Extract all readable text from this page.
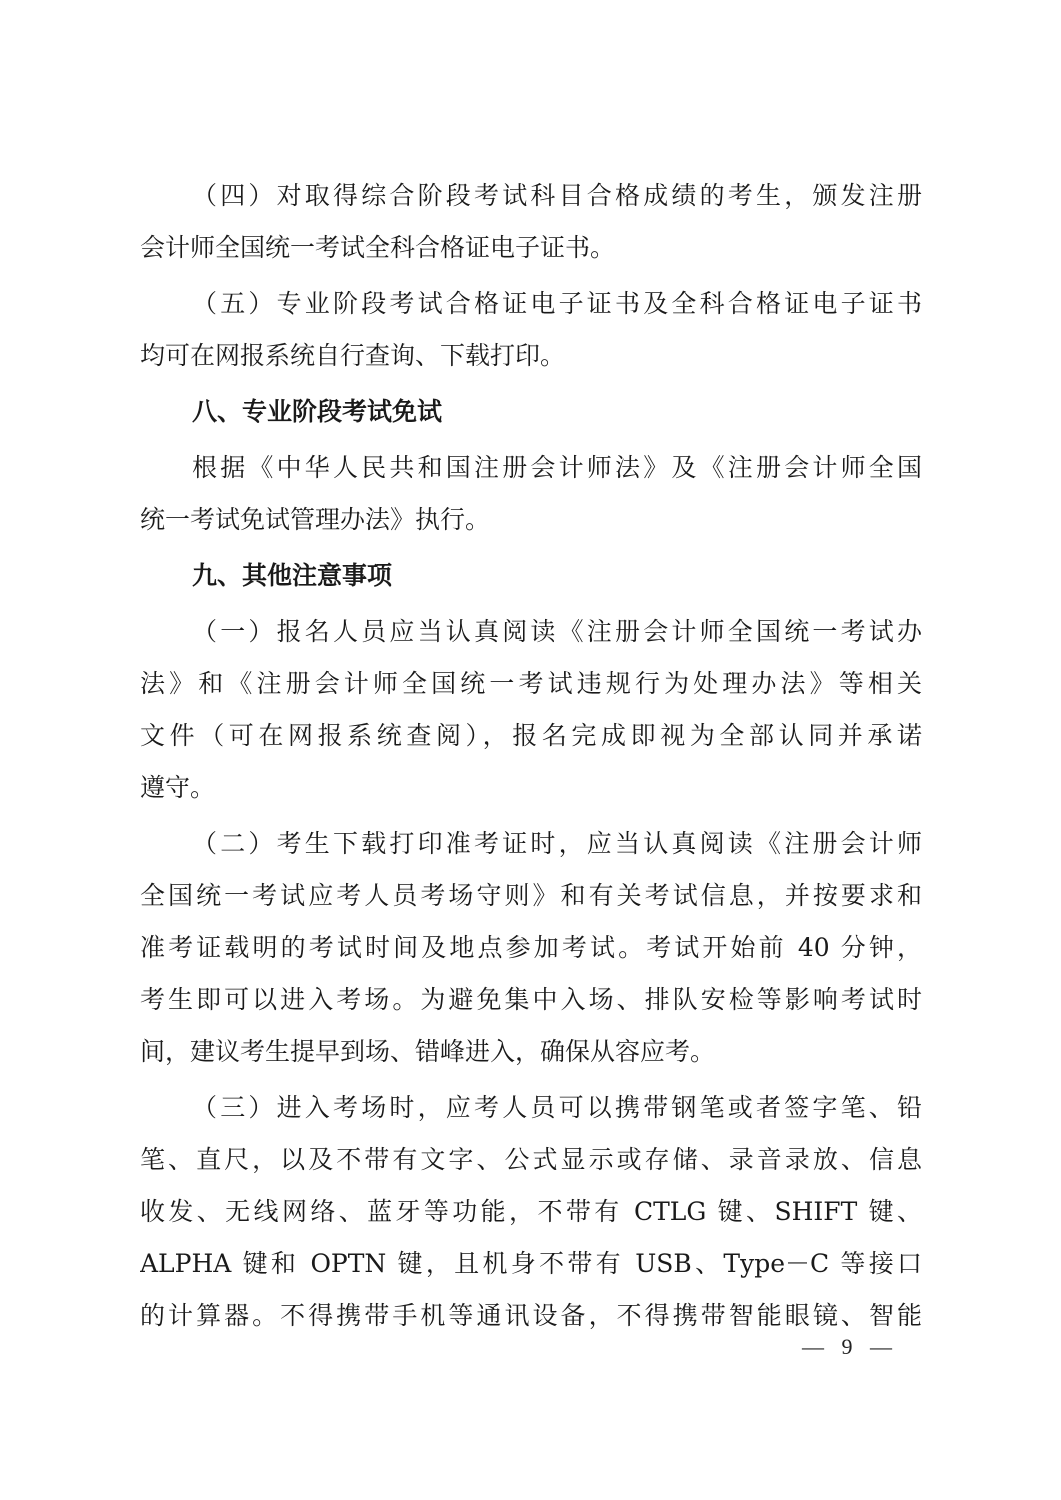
（四）对取得综合阶段考试科目合格成绩的考生，颁发注册
会计师全国统一考试全科合格证电子证书。
（五）专业阶段考试合格证电子证书及全科合格证电子证书
均可在网报系统自行查询、下载打印。
八、专业阶段考试免试
根据《中华人民共和国注册会计师法》及《注册会计师全国
统一考试免试管理办法》执行。
九、其他注意事项
（一）报名人员应当认真阅读《注册会计师全国统一考试办
法》和《注册会计师全国统一考试违规行为处理办法》等相关
文件（可在网报系统查阅），报名完成即视为全部认同并承诺
遵守。
（二）考生下载打印准考证时，应当认真阅读《注册会计师
全国统一考试应考人员考场守则》和有关考试信息，并按要求和
准考证载明的考试时间及地点参加考试。考试开始前 40 分钟，
考生即可以进入考场。为避免集中入场、排队安检等影响考试时
间，建议考生提早到场、错峰进入，确保从容应考。
（三）进入考场时，应考人员可以携带钢笔或者签字笔、铅
笔、直尺，以及不带有文字、公式显示或存储、录音录放、信息
收发、无线网络、蓝牙等功能，不带有 CTLG 键、SHIFT 键、
ALPHA 键和 OPTN 键，且机身不带有 USB、Type－C 等接口
的计算器。不得携带手机等通讯设备，不得携带智能眼镜、智能
— 9 —
